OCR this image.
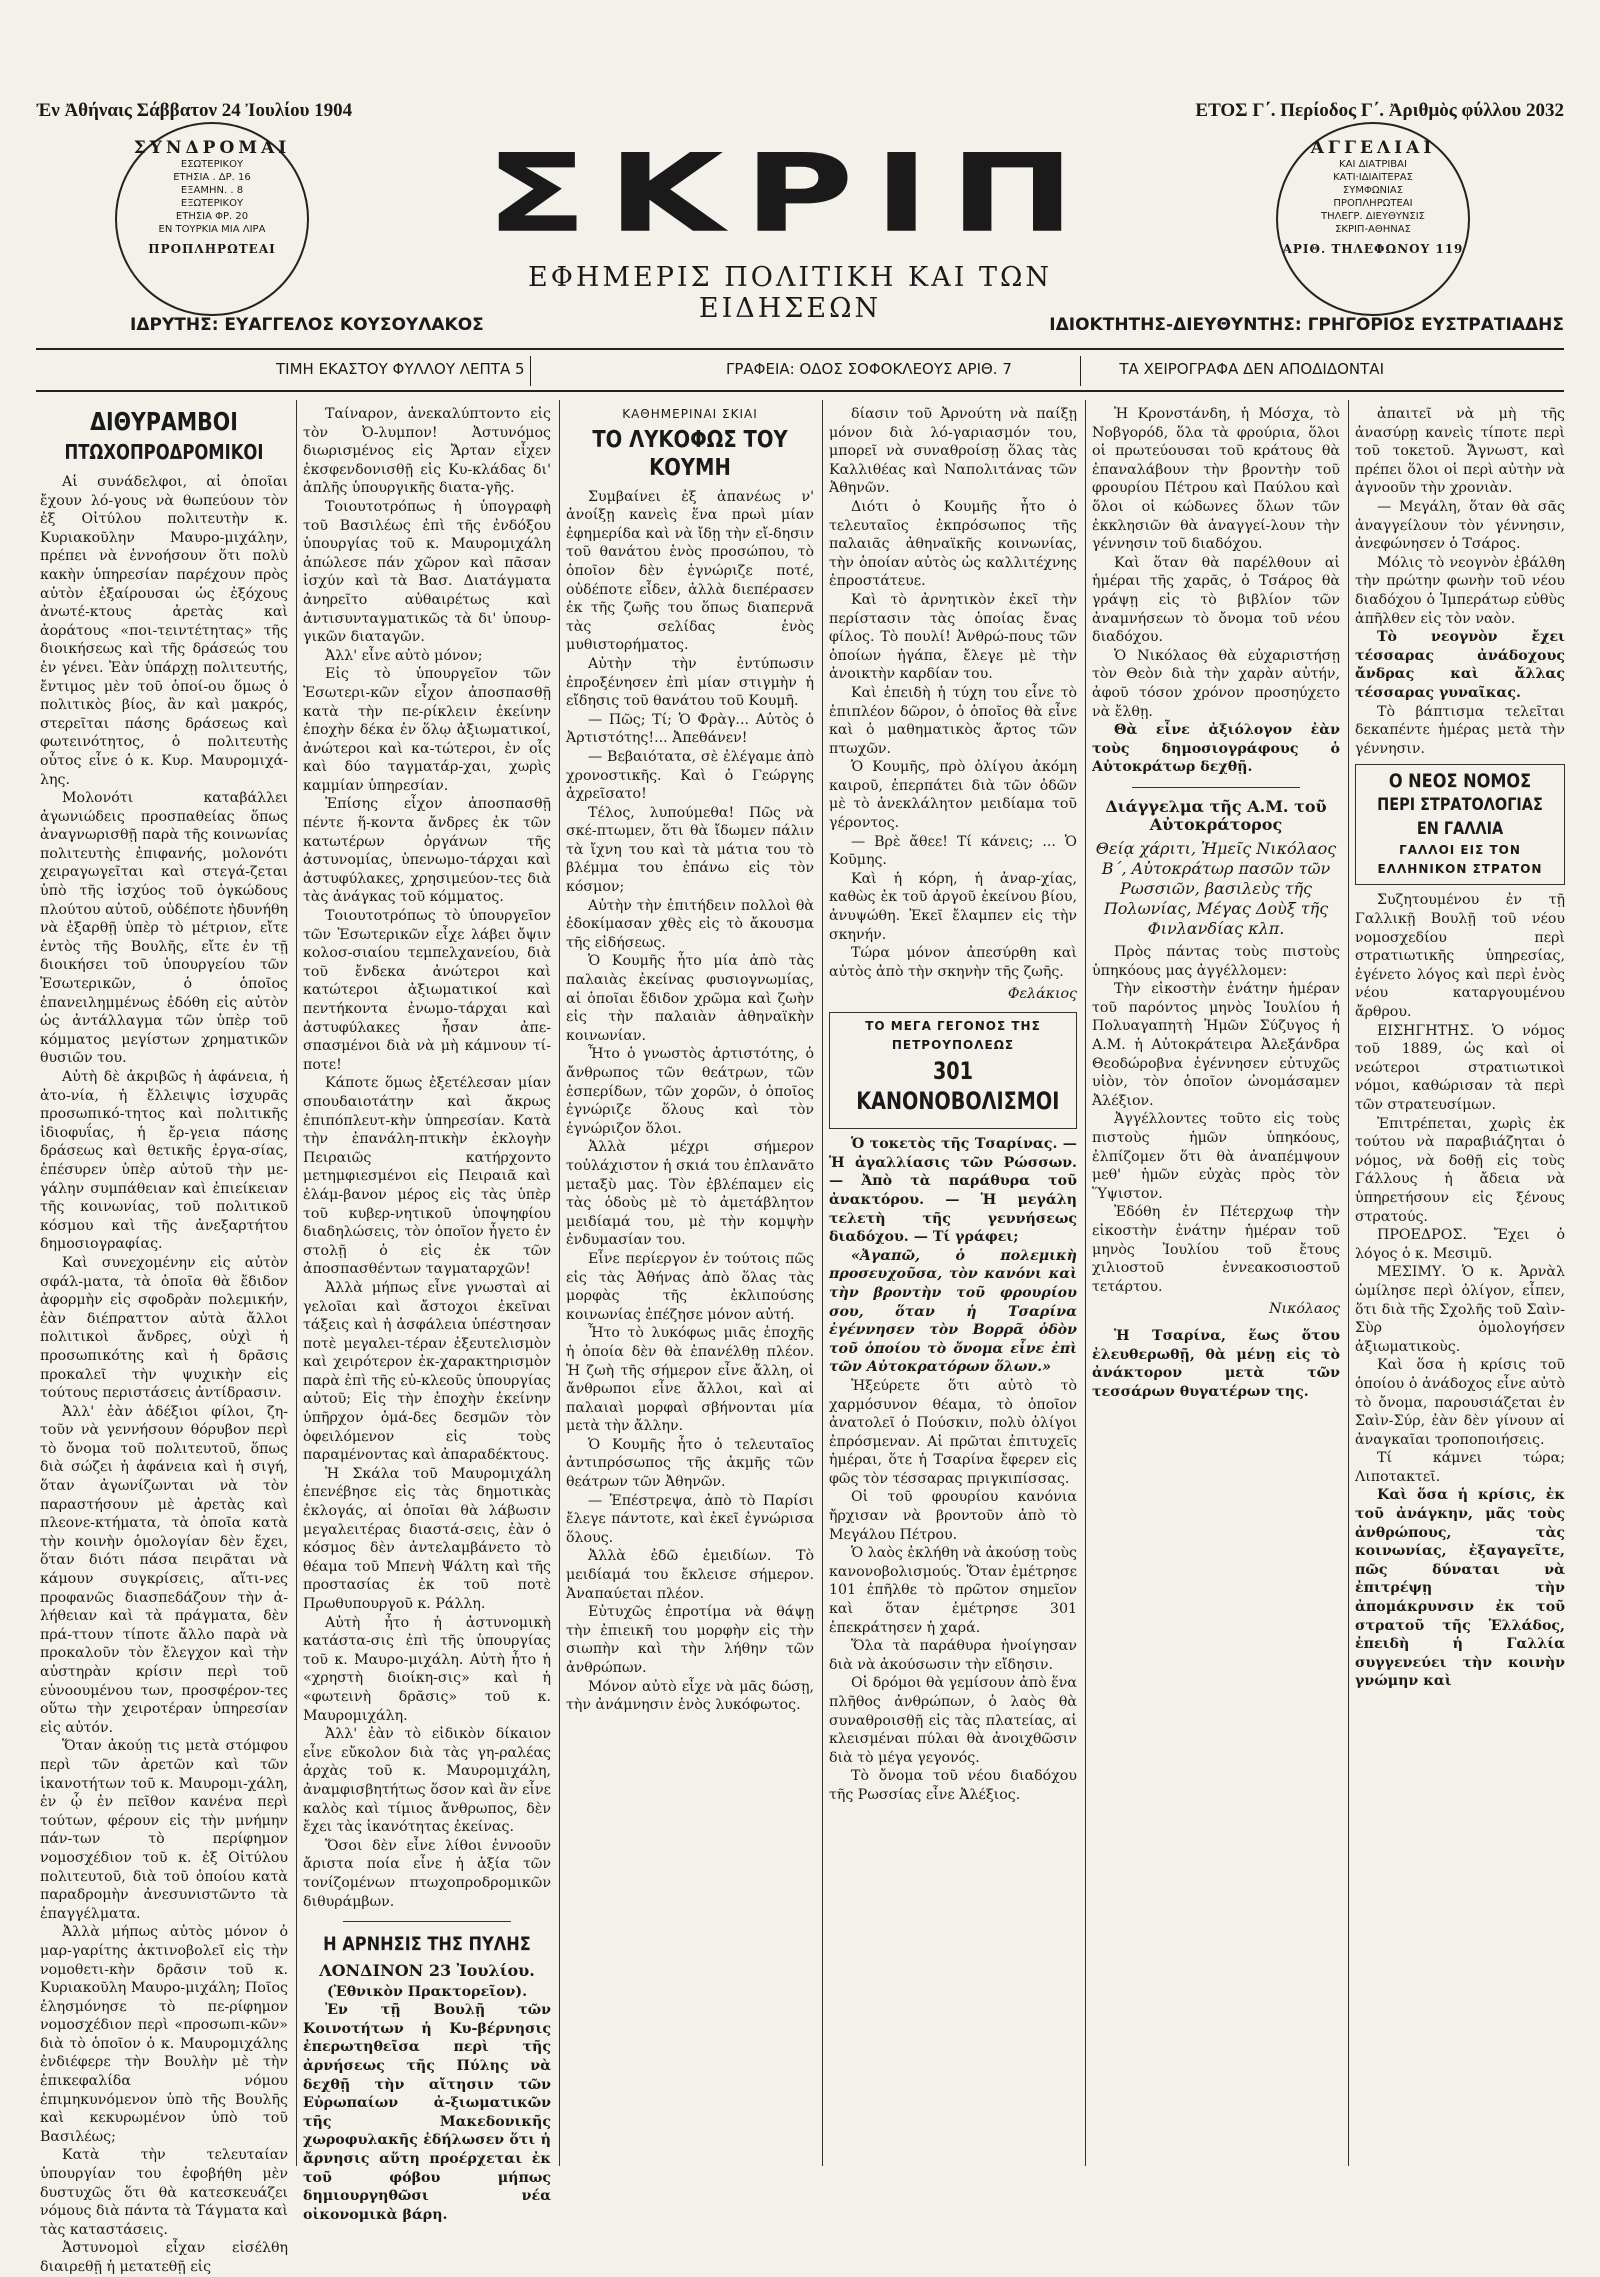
Ἐν Ἀθήναις Σάββατον 24 Ἰουλίου 1904	ΕΤΟΣ Γ΄. Περίοδος Γ΄. Ἀριθμὸς φύλλου 2032
ΣΥΝΔΡΟΜΑΙ
ΕΣΩΤΕΡΙΚΟΥ
ΕΤΗΣΙΑ . ΔΡ. 16
ΕΞΑΜΗΝ. . 8
ΕΞΩΤΕΡΙΚΟΥ
ΕΤΗΣΙΑ ΦΡ. 20
ΕΝ ΤΟΥΡΚΙΑ ΜΙΑ ΛΙΡΑ
ΠΡΟΠΛΗΡΩΤΕΑΙ	ΣΚΡΙΠ
ΕΦΗΜΕΡΙΣ ΠΟΛΙΤΙΚΗ ΚΑΙ ΤΩΝ ΕΙΔΗΣΕΩΝ
ΑΓΓΕΛΙΑΙ
ΚΑΙ ΔΙΑΤΡΙΒΑΙ
ΚΑΤΙ·ΙΔΙΑΙΤΕΡΑΣ
ΣΥΜΦΩΝΙΑΣ
ΠΡΟΠΛΗΡΩΤΕΑΙ
ΤΗΛΕΓΡ. ΔΙΕΥΘΥΝΣΙΣ
ΣΚΡΙΠ-ΑΘΗΝΑΣ
ΑΡΙΘ. ΤΗΛΕΦΩΝΟΥ 119
ΙΔΡΥΤΗΣ: ΕΥΑΓΓΕΛΟΣ ΚΟΥΣΟΥΛΑΚΟΣ	ΙΔΙΟΚΤΗΤΗΣ-ΔΙΕΥΘΥΝΤΗΣ: ΓΡΗΓΟΡΙΟΣ ΕΥΣΤΡΑΤΙΑΔΗΣ
ΤΙΜΗ ΕΚΑΣΤΟΥ ΦΥΛΛΟΥ ΛΕΠΤΑ 5	ΓΡΑΦΕΙΑ: ΟΔΟΣ ΣΟΦΟΚΛΕΟΥΣ ΑΡΙΘ. 7	ΤΑ ΧΕΙΡΟΓΡΑΦΑ ΔΕΝ ΑΠΟΔΙΔΟΝΤΑΙ
ΔΙΘΥΡΑΜΒΟΙ
ΠΤΩΧΟΠΡΟΔΡΟΜΙΚΟΙ

Αἱ συνάδελφοι, αἱ ὁποῖαι ἔχουν λό-γους νὰ θωπεύουν τὸν ἐξ Οἰτύλου πολιτευτὴν κ. Κυριακοῦλην Μαυρο-μιχάλην, πρέπει νὰ ἐννοήσουν ὅτι πολὺ κακὴν ὑπηρεσίαν παρέχουν πρὸς αὐτὸν ἐξαίρουσαι ὡς ἐξόχους ἀνωτέ-κτους ἀρετὰς καὶ ἀοράτους «ποι-τειντέτητας» τῆς διοικήσεως καὶ τῆς δράσεώς του ἐν γένει. Ἐὰν ὑπάρχῃ πολιτευτής, ἔντιμος μὲν τοῦ ὁποί-ου ὅμως ὁ πολιτικὸς βίος, ἂν καὶ μακρός, στερεῖται πάσης δράσεως καὶ φωτεινότητος, ὁ πολιτευτὴς οὗτος εἶνε ὁ κ. Κυρ. Μαυρομιχά-λης.

Μολονότι καταβάλλει ἀγωνιώδεις προσπαθείας ὅπως ἀναγνωρισθῇ παρὰ τῆς κοινωνίας πολιτευτὴς ἐπιφανής, μολονότι χειραγωγεῖται καὶ στεγά-ζεται ὑπὸ τῆς ἰσχύος τοῦ ὀγκώδους πλούτου αὐτοῦ, οὐδέποτε ἠδυνήθη νὰ ἐξαρθῇ ὑπὲρ τὸ μέτριον, εἴτε ἐντὸς τῆς Βουλῆς, εἴτε ἐν τῇ διοικήσει τοῦ ὑπουργείου τῶν Ἐσωτερικῶν, ὁ ὁποῖος ἐπανειλημμένως ἐδόθη εἰς αὐτὸν ὡς ἀντάλλαγμα τῶν ὑπὲρ τοῦ κόμματος μεγίστων χρηματικῶν θυσιῶν του.

Αὐτὴ δὲ ἀκριβῶς ἡ ἀφάνεια, ἡ ἀτο-νία, ἡ ἔλλειψις ἰσχυρᾶς προσωπικό-τητος καὶ πολιτικῆς ἰδιοφυΐας, ἡ ἔρ-γεια πάσης δράσεως καὶ θετικῆς ἐργα-σίας, ἐπέσυρεν ὑπὲρ αὐτοῦ τὴν με-γάλην συμπάθειαν καὶ ἐπιείκειαν τῆς κοινωνίας, τοῦ πολιτικοῦ κόσμου καὶ τῆς ἀνεξαρτήτου δημοσιογραφίας.

Καὶ συνεχομένην εἰς αὐτὸν σφάλ-ματα, τὰ ὁποῖα θὰ ἔδιδον ἀφορμὴν εἰς σφοδρὰν πολεμικήν, ἐὰν διέπραττον αὐτὰ ἄλλοι πολιτικοὶ ἄνδρες, οὐχὶ ἡ προσωπικότης καὶ ἡ δρᾶσις προκαλεῖ τὴν ψυχικὴν εἰς τούτους περιστάσεις ἀντίδρασιν.

Ἀλλ' ἐὰν ἀδέξιοι φίλοι, ζη-τοῦν νὰ γεννήσουν θόρυβον περὶ τὸ ὄνομα τοῦ πολιτευτοῦ, ὅπως διὰ σώζει ἡ ἀφάνεια καὶ ἡ σιγή, ὅταν ἀγωνίζωνται νὰ τὸν παραστήσουν μὲ ἀρετὰς καὶ πλεονε-κτήματα, τὰ ὁποῖα κατὰ τὴν κοινὴν ὁμολογίαν δὲν ἔχει, ὅταν διότι πάσα πειρᾶται νὰ κάμουν συγκρίσεις, αἵτι-νες προφανῶς διασπεδάζουν τὴν ἀ-λήθειαν καὶ τὰ πράγματα, δὲν πρά-ττουν τίποτε ἄλλο παρὰ νὰ προκαλοῦν τὸν ἔλεγχον καὶ τὴν αὐστηρὰν κρίσιν περὶ τοῦ εὐνοουμένου των, προσφέρον-τες οὕτω τὴν χειροτέραν ὑπηρεσίαν εἰς αὐτόν.

Ὅταν ἀκούῃ τις μετὰ στόμφου περὶ τῶν ἀρετῶν καὶ τῶν ἱκανοτήτων τοῦ κ. Μαυρομι-χάλη, ἐν ᾧ ἐν πεῖθον κανένα περὶ τούτων, φέρουν εἰς τὴν μνήμην πάν-των τὸ περίφημον νομοσχέδιον τοῦ κ. ἐξ Οἰτύλου πολιτευτοῦ, διὰ τοῦ ὁποίου κατὰ παραδρομὴν ἀνεσυνιστῶντο τὰ ἐπαγγέλματα.

Ἀλλὰ μήπως αὐτὸς μόνον ὁ μαρ-γαρίτης ἀκτινοβολεῖ εἰς τὴν νομοθετι-κὴν δρᾶσιν τοῦ κ. Κυριακοῦλη Μαυρο-μιχάλη; Ποῖος ἐλησμόνησε τὸ πε-ρίφημον νομοσχέδιον περὶ «προσωπι-κῶν» διὰ τὸ ὁποῖον ὁ κ. Μαυρομιχάλης ἐνδιέφερε τὴν Βουλὴν μὲ τὴν ἐπικεφαλίδα νόμου ἐπιμηκυνόμενον ὑπὸ τῆς Βουλῆς καὶ κεκυρωμένον ὑπὸ τοῦ Βασιλέως;

Κατὰ τὴν τελευταίαν ὑπουργίαν του ἐφοβήθη μὲν δυστυχῶς ὅτι θὰ κατεσκευάζει νόμους διὰ πάντα τὰ Τάγματα καὶ τὰς καταστάσεις.

Ἀστυνομοὶ εἶχαν εἰσέλθη διαιρεθῇ ἡ μετατεθῇ εἰς

Ταίναρον, ἀνεκαλύπτοντο εἰς τὸν Ὀ-λυμπον! Ἀστυνόμος διωρισμένος εἰς Ἄρταν εἶχεν ἐκσφενδονισθῇ εἰς Κυ-κλάδας δι' ἁπλῆς ὑπουργικῆς διατα-γῆς.

Τοιουτοτρόπως ἡ ὑπογραφὴ τοῦ Βασιλέως ἐπὶ τῆς ἐνδόξου ὑπουργίας τοῦ κ. Μαυρομιχάλη ἀπώλεσε πάν χῶρον καὶ πᾶσαν ἰσχύν καὶ τὰ Βασ. Διατάγματα ἀνηρεῖτο αὐθαιρέτως καὶ ἀντισυνταγματικῶς τὰ δι' ὑπουρ-γικῶν διαταγῶν.

Ἀλλ' εἶνε αὐτὸ μόνον;

Εἰς τὸ ὑπουργεῖον τῶν Ἐσωτερι-κῶν εἶχον ἀποσπασθῇ κατὰ τὴν πε-ρίκλειν ἐκείνην ἐποχὴν δέκα ἐν ὅλῳ ἀξιωματικοί, ἀνώτεροι καὶ κα-τώτεροι, ἐν οἷς καὶ δύο ταγματάρ-χαι, χωρὶς καμμίαν ὑπηρεσίαν.

Ἐπίσης εἶχον ἀποσπασθῇ πέντε ἥ-κοντα ἄνδρες ἐκ τῶν κατωτέρων ὀργάνων τῆς ἀστυνομίας, ὑπενωμο-τάρχαι καὶ ἀστυφύλακες, χρησιμεύον-τες διὰ τὰς ἀνάγκας τοῦ κόμματος.

Τοιουτοτρόπως τὸ ὑπουργεῖον τῶν Ἐσωτερικῶν εἶχε λάβει ὄψιν κολοσ-σιαίου τεμπελχανείου, διὰ τοῦ ἔνδεκα ἀνώτεροι καὶ κατώτεροι ἀξιωματικοί καὶ πεντήκοντα ἐνωμο-τάρχαι καὶ ἀστυφύλακες ἦσαν ἀπε-σπασμένοι διὰ νὰ μὴ κάμνουν τί-ποτε!

Κάποτε ὅμως ἐξετέλεσαν μίαν σπουδαιοτάτην καὶ ἄκρως ἐπιπόπλευτ-κὴν ὑπηρεσίαν. Κατὰ τὴν ἐπανάλη-πτικὴν ἐκλογὴν Πειραιῶς κατήρχοντο μετημφιεσμένοι εἰς Πειραιᾶ καὶ ἐλάμ-βανον μέρος εἰς τὰς ὑπὲρ τοῦ κυβερ-νητικοῦ ὑποψηφίου διαδηλώσεις, τὸν ὁποῖον ἦγετο ἐν στολῇ ὁ εἰς ἐκ τῶν ἀποσπασθέντων ταγματαρχῶν!

Ἀλλὰ μήπως εἶνε γνωσταὶ αἱ γελοῖαι καὶ ἄστοχοι ἐκεῖναι τάξεις καὶ ἡ ἀσφάλεια ὑπέστησαν ποτὲ μεγαλει-τέραν ἐξευτελισμὸν καὶ χειρότερον ἐκ-χαρακτηρισμὸν παρὰ ἐπὶ τῆς εὐ-κλεοῦς ὑπουργίας αὐτοῦ; Εἰς τὴν ἐποχὴν ἐκείνην ὑπῆρχον ὁμά-δες δεσμῶν τὸν ὀφειλόμενον εἰς τοὺς παραμένοντας καὶ ἀπαραδέκτους.

Ἡ Σκάλα τοῦ Μαυρομιχάλη ἐπενέβησε εἰς τὰς δημοτικὰς ἐκλογάς, αἱ ὁποῖαι θὰ λάβωσιν μεγαλειτέρας διαστά-σεις, ἐὰν ὁ κόσμος δὲν ἀντελαμβάνετο τὸ θέαμα τοῦ Μπενὴ Ψάλτη καὶ τῆς προστασίας ἐκ τοῦ ποτὲ Πρωθυπουργοῦ κ. Ράλλη.

Αὐτὴ ἦτο ἡ ἀστυνομικὴ κατάστα-σις ἐπὶ τῆς ὑπουργίας τοῦ κ. Μαυρο-μιχάλη. Αὐτὴ ἦτο ἡ «χρηστὴ διοίκη-σις» καὶ ἡ «φωτεινὴ δρᾶσις» τοῦ κ. Μαυρομιχάλη.

Ἀλλ' ἐὰν τὸ εἰδικὸν δίκαιον εἶνε εὔκολον διὰ τὰς γη-ραλέας ἀρχὰς τοῦ κ. Μαυρομιχάλη, ἀναμφισβητήτως ὅσον καὶ ἂν εἶνε καλὸς καὶ τίμιος ἄνθρωπος, δὲν ἔχει τὰς ἱκανότητας ἐκείνας.

Ὅσοι δὲν εἶνε λίθοι ἐννοοῦν ἄριστα ποία εἶνε ἡ ἀξία τῶν τονίζομένων πτωχοπροδρομικῶν διθυράμβων.

Η ΑΡΝΗΣΙΣ ΤΗΣ ΠΥΛΗΣ
ΛΟΝΔΙΝΟΝ 23 Ἰουλίου.
(Ἐθνικὸν Πρακτορεῖον).

Ἐν τῇ Βουλῇ τῶν Κοινοτήτων ἡ Κυ-βέρνησις ἐπερωτηθεῖσα περὶ τῆς ἀρνήσεως τῆς Πύλης νὰ δεχθῇ τὴν αἴτησιν τῶν Εὐρωπαίων ἀ-ξιωματικῶν τῆς Μακεδονικῆς χωροφυλακῆς ἐδήλωσεν ὅτι ἡ ἄρνησις αὕτη προέρχεται ἐκ τοῦ φόβου μήπως δημιουργηθῶσι νέα οἰκονομικὰ βάρη.

ΚΑΘΗΜΕΡΙΝΑΙ ΣΚΙΑΙ
ΤΟ ΛΥΚΟΦΩΣ ΤΟΥ ΚΟΥΜΗ

Συμβαίνει ἐξ ἀπανέως ν' ἀνοίξῃ κανεὶς ἕνα πρωὶ μίαν ἐφημερίδα καὶ νὰ ἴδῃ τὴν εἴ-δησιν τοῦ θανάτου ἑνὸς προσώπου, τὸ ὁποῖον δὲν ἐγνώριζε ποτέ, οὐδέποτε εἶδεν, ἀλλὰ διεπέρασεν ἐκ τῆς ζωῆς του ὅπως διαπερνᾶ τὰς σελίδας ἑνὸς μυθιστορήματος.

Αὐτὴν τὴν ἐντύπωσιν ἐπροξένησεν ἐπὶ μίαν στιγμὴν ἡ εἴδησις τοῦ θανάτου τοῦ Κουμῆ.

— Πῶς; Τί; Ὁ Φρὰγ... Αὐτὸς ὁ Ἀρτιστότης!... Ἀπεθάνεν!

— Βεβαιότατα, σὲ ἐλέγαμε ἀπὸ χρονοστικῆς. Καὶ ὁ Γεώργης ἀχρεῖσατο!

Τέλος, λυπούμεθα! Πῶς νὰ σκέ-πτωμεν, ὅτι θὰ ἴδωμεν πάλιν τὰ ἴχνη του καὶ τὰ μάτια του τὸ βλέμμα του ἐπάνω εἰς τὸν κόσμον;

Αὐτὴν τὴν ἐπιτήδειν πολλοὶ θὰ ἐδοκίμασαν χθὲς εἰς τὸ ἄκουσμα τῆς εἰδήσεως.

Ὁ Κουμῆς ἦτο μία ἀπὸ τὰς παλαιὰς ἐκείνας φυσιογνωμίας, αἱ ὁποῖαι ἔδιδον χρῶμα καὶ ζωὴν εἰς τὴν παλαιὰν ἀθηναϊκὴν κοινωνίαν.

Ἦτο ὁ γνωστὸς ἀρτιστότης, ὁ ἄνθρωπος τῶν θεάτρων, τῶν ἑσπερίδων, τῶν χορῶν, ὁ ὁποῖος ἐγνώριζε ὅλους καὶ τὸν ἐγνώριζον ὅλοι.

Ἀλλὰ μέχρι σήμερον τοὐλάχιστον ἡ σκιά του ἐπλανᾶτο μεταξὺ μας. Τὸν ἐβλέπαμεν εἰς τὰς ὁδοὺς μὲ τὸ ἀμετάβλητον μειδίαμά του, μὲ τὴν κομψὴν ἐνδυμασίαν του.

Εἶνε περίεργον ἐν τούτοις πῶς εἰς τὰς Ἀθήνας ἀπὸ ὅλας τὰς μορφὰς τῆς ἐκλιπούσης κοινωνίας ἐπέζησε μόνον αὐτή.

Ἦτο τὸ λυκόφως μιᾶς ἐποχῆς ἡ ὁποία δὲν θὰ ἐπανέλθῃ πλέον. Ἡ ζωὴ τῆς σήμερον εἶνε ἄλλη, οἱ ἄνθρωποι εἶνε ἄλλοι, καὶ αἱ παλαιαὶ μορφαὶ σβήνονται μία μετὰ τὴν ἄλλην.

Ὁ Κουμῆς ἦτο ὁ τελευταῖος ἀντιπρόσωπος τῆς ἀκμῆς τῶν θεάτρων τῶν Ἀθηνῶν.

— Ἐπέστρεψα, ἀπὸ τὸ Παρίσι ἔλεγε πάντοτε, καὶ ἐκεῖ ἐγνώρισα ὅλους.

Ἀλλὰ ἐδῶ ἐμειδίων. Τὸ μειδίαμά του ἔκλεισε σήμερον. Ἀναπαύεται πλέον.

Εὐτυχῶς ἐπροτίμα νὰ θάψῃ τὴν ἐπιεικῆ του μορφὴν εἰς τὴν σιωπὴν καὶ τὴν λήθην τῶν ἀνθρώπων.

Μόνον αὐτὸ εἶχε νὰ μᾶς δώσῃ, τὴν ἀνάμνησιν ἑνὸς λυκόφωτος.

δίασιν τοῦ Ἀρνούτη νὰ παίξῃ μόνον διὰ λό-γαριασμόν του, μπορεῖ νὰ συναθροίσῃ ὅλας τὰς Καλλιθέας καὶ Ναπολιτάνας τῶν Ἀθηνῶν.

Διότι ὁ Κουμῆς ἦτο ὁ τελευταῖος ἐκπρόσωπος τῆς παλαιᾶς ἀθηναϊκῆς κοινωνίας, τὴν ὁποίαν αὐτὸς ὡς καλλιτέχνης ἐπροστάτευε.

Καὶ τὸ ἀρνητικὸν ἐκεῖ τὴν περίστασιν τὰς ὁποίας ἔνας φίλος. Τὸ πουλί! Ἀνθρώ-πους τῶν ὁποίων ἠγάπα, ἔλεγε μὲ τὴν ἀνοικτὴν καρδίαν του.

Καὶ ἐπειδὴ ἡ τύχη του εἶνε τὸ ἐπιπλέον δῶρον, ὁ ὁποῖος θὰ εἶνε καὶ ὁ μαθηματικὸς ἄρτος τῶν πτωχῶν.

Ὁ Κουμῆς, πρὸ ὀλίγου ἀκόμη καιροῦ, ἐπερπάτει διὰ τῶν ὁδῶν μὲ τὸ ἀνεκλάλητον μειδίαμα τοῦ γέροντος.

— Βρὲ ἄθεε! Τί κάνεις; ... Ὁ Κοῦμης.

Καὶ ἡ κόρη, ἡ ἀναρ-χίας, καθὼς ἐκ τοῦ ἀργοῦ ἐκείνου βίου, ἀνυψώθη. Ἐκεῖ ἔλαμπεν εἰς τὴν σκηνήν.

Τώρα μόνον ἀπεσύρθη καὶ αὐτὸς ἀπὸ τὴν σκηνὴν τῆς ζωῆς.

Φελάκιος
ΤΟ ΜΕΓΑ ΓΕΓΟΝΟΣ ΤΗΣ ΠΕΤΡΟΥΠΟΛΕΩΣ
301 ΚΑΝΟΝΟΒΟΛΙΣΜΟΙ

Ὁ τοκετὸς τῆς Τσαρίνας. — Ἡ ἀγαλλίασις τῶν Ρώσσων. — Ἀπὸ τὰ παράθυρα τοῦ ἀνακτόρου. — Ἡ μεγάλη τελετὴ τῆς γεννήσεως διαδόχου. — Τί γράφει;

«Ἀγαπῶ, ὁ πολεμικὴ προσευχοῦσα, τὸν κανόνι καὶ τὴν βροντὴν τοῦ φρουρίου σου, ὅταν ἡ Τσαρίνα ἐγέννησεν τὸν Βορρᾶ ὁδὸν τοῦ ὁποίου τὸ ὄνομα εἶνε ἐπὶ τῶν Αὐτοκρατόρων ὅλων.»

Ἠξεύρετε ὅτι αὐτὸ τὸ χαρμόσυνον θέαμα, τὸ ὁποῖον ἀνατολεῖ ὁ Πούσκιν, πολὺ ὀλίγοι ἐπρόσμεναν. Αἱ πρῶται ἐπιτυχεῖς ἡμέραι, ὅτε ἡ Τσαρίνα ἔφερεν εἰς φῶς τὸν τέσσαρας πριγκιπίσσας.

Οἱ τοῦ φρουρίου κανόνια ἤρχισαν νὰ βροντοῦν ἀπὸ τὸ Μεγάλου Πέτρου.

Ὁ λαὸς ἐκλήθη νὰ ἀκούσῃ τοὺς κανονοβολισμούς. Ὅταν ἐμέτρησε 101 ἐπῆλθε τὸ πρῶτον σημεῖον καὶ ὅταν ἐμέτρησε 301 ἐπεκράτησεν ἡ χαρά.

Ὅλα τὰ παράθυρα ἠνοίγησαν διὰ νὰ ἀκούσωσιν τὴν εἴδησιν.

Οἱ δρόμοι θὰ γεμίσουν ἀπὸ ἕνα πλῆθος ἀνθρώπων, ὁ λαὸς θὰ συναθροισθῇ εἰς τὰς πλατείας, αἱ κλεισμέναι πύλαι θὰ ἀνοιχθῶσιν διὰ τὸ μέγα γεγονός.

Τὸ ὄνομα τοῦ νέου διαδόχου τῆς Ρωσσίας εἶνε Ἀλέξιος.

Ἡ Κρονστάνδη, ἡ Μόσχα, τὸ Νοβγορόδ, ὅλα τὰ φρούρια, ὅλοι οἱ πρωτεύουσαι τοῦ κράτους θὰ ἐπαναλάβουν τὴν βροντὴν τοῦ φρουρίου Πέτρου καὶ Παύλου καὶ ὅλοι οἱ κώδωνες ὅλων τῶν ἐκκλησιῶν θὰ ἀναγγεί-λουν τὴν γέννησιν τοῦ διαδόχου.

Καὶ ὅταν θὰ παρέλθουν αἱ ἡμέραι τῆς χαρᾶς, ὁ Τσάρος θὰ γράψῃ εἰς τὸ βιβλίον τῶν ἀναμνήσεων τὸ ὄνομα τοῦ νέου διαδόχου.

Ὁ Νικόλαος θὰ εὐχαριστήσῃ τὸν Θεὸν διὰ τὴν χαρὰν αὐτήν, ἀφοῦ τόσον χρόνον προσηύχετο νὰ ἔλθῃ.

Θὰ εἶνε ἀξιόλογον ἐὰν τοὺς δημοσιογράφους ὁ Αὐτοκράτωρ δεχθῇ.

Διάγγελμα τῆς Α.Μ. τοῦ Αὐτοκράτορος
Θείᾳ χάριτι, Ἡμεῖς Νικόλαος Β΄, Αὐτοκράτωρ πασῶν τῶν Ρωσσιῶν, βασιλεὺς τῆς Πολωνίας, Μέγας Δοὺξ τῆς Φινλανδίας κλπ.

Πρὸς πάντας τοὺς πιστοὺς ὑπηκόους μας ἀγγέλλομεν:

Τὴν εἰκοστὴν ἐνάτην ἡμέραν τοῦ παρόντος μηνὸς Ἰουλίου ἡ Πολυαγαπητὴ Ἡμῶν Σύζυγος ἡ Α.Μ. ἡ Αὐτοκράτειρα Ἀλεξάνδρα Θεοδώροβνα ἐγέννησεν εὐτυχῶς υἱὸν, τὸν ὁποῖον ὠνομάσαμεν Ἀλέξιον.

Ἀγγέλλοντες τοῦτο εἰς τοὺς πιστοὺς ἡμῶν ὑπηκόους, ἐλπίζομεν ὅτι θὰ ἀναπέμψουν μεθ' ἡμῶν εὐχὰς πρὸς τὸν Ὕψιστον.

Ἐδόθη ἐν Πέτερχωφ τὴν εἰκοστὴν ἐνάτην ἡμέραν τοῦ μηνὸς Ἰουλίου τοῦ ἔτους χιλιοστοῦ ἐννεακοσιοστοῦ τετάρτου.

Νικόλαος

Ἡ Τσαρίνα, ἕως ὅτου ἐλευθερωθῇ, θὰ μένῃ εἰς τὸ ἀνάκτορον μετὰ τῶν τεσσάρων θυγατέρων της.

ἀπαιτεῖ νὰ μὴ τῆς ἀνασύρῃ κανεὶς τίποτε περὶ τοῦ τοκετοῦ. Ἄγνωστ, καὶ πρέπει ὅλοι οἱ περὶ αὐτὴν νὰ ἀγνοοῦν τὴν χρονιὰν.

— Μεγάλη, ὅταν θὰ σᾶς ἀναγγείλουν τὸν γέννησιν, ἀνεφώνησεν ὁ Τσάρος.

Μόλις τὸ νεογνὸν ἐβάλθη τὴν πρώτην φωνὴν τοῦ νέου διαδόχου ὁ Ἰμπεράτωρ εὐθὺς ἀπῆλθεν εἰς τὸν ναὸν.

Τὸ νεογνὸν ἔχει τέσσαρας ἀνάδοχους ἄνδρας καὶ ἄλλας τέσσαρας γυναῖκας.

Τὸ βάπτισμα τελεῖται δεκαπέντε ἡμέρας μετὰ τὴν γέννησιν.

Ο ΝΕΟΣ ΝΟΜΟΣ
ΠΕΡΙ ΣΤΡΑΤΟΛΟΓΙΑΣ ΕΝ ΓΑΛΛΙΑ
ΓΑΛΛΟΙ ΕΙΣ ΤΟΝ ΕΛΛΗΝΙΚΟΝ ΣΤΡΑΤΟΝ

Συζητουμένου ἐν τῇ Γαλλικῇ Βουλῇ τοῦ νέου νομοσχεδίου περὶ στρατιωτικῆς ὑπηρεσίας, ἐγένετο λόγος καὶ περὶ ἐνὸς νέου καταργουμένου ἄρθρου.

ΕΙΣΗΓΗΤΗΣ. Ὁ νόμος τοῦ 1889, ὡς καὶ οἱ νεώτεροι στρατιωτικοὶ νόμοι, καθώρισαν τὰ περὶ τῶν στρατευσίμων.

Ἐπιτρέπεται, χωρὶς ἐκ τούτου νὰ παραβιάζηται ὁ νόμος, νὰ δοθῇ εἰς τοὺς Γάλλους ἡ ἄδεια νὰ ὑπηρετήσουν εἰς ξένους στρατούς.

ΠΡΟΕΔΡΟΣ. Ἔχει ὁ λόγος ὁ κ. Μεσιμῦ.

ΜΕΣΙΜΥ. Ὁ κ. Ἀρνὰλ ὡμίλησε περὶ ὀλίγον, εἶπεν, ὅτι διὰ τῆς Σχολῆς τοῦ Σαὶν-Σὺρ ὁμολογήσεν ἀξιωματικοὺς.

Καὶ ὅσα ἡ κρίσις τοῦ ὁποίου ὁ ἀνάδοχος εἶνε αὐτὸ τὸ ὄνομα, παρουσιάζεται ἐν Σαὶν-Σύρ, ἐὰν δὲν γίνουν αἱ ἀναγκαῖαι τροποποιήσεις.

Τί κάμνει τώρα; Λιποτακτεῖ.

Καὶ ὅσα ἡ κρίσις, ἐκ τοῦ ἀνάγκην, μᾶς τοὺς ἀνθρώπους, τὰς κοινωνίας, ἐξαγαγεῖτε, πῶς δύναται νὰ ἐπιτρέψῃ τὴν ἀπομάκρυνσιν ἐκ τοῦ στρατοῦ τῆς Ἑλλάδος, ἐπειδὴ ἡ Γαλλία συγγενεύει τὴν κοινὴν γνώμην καὶ
